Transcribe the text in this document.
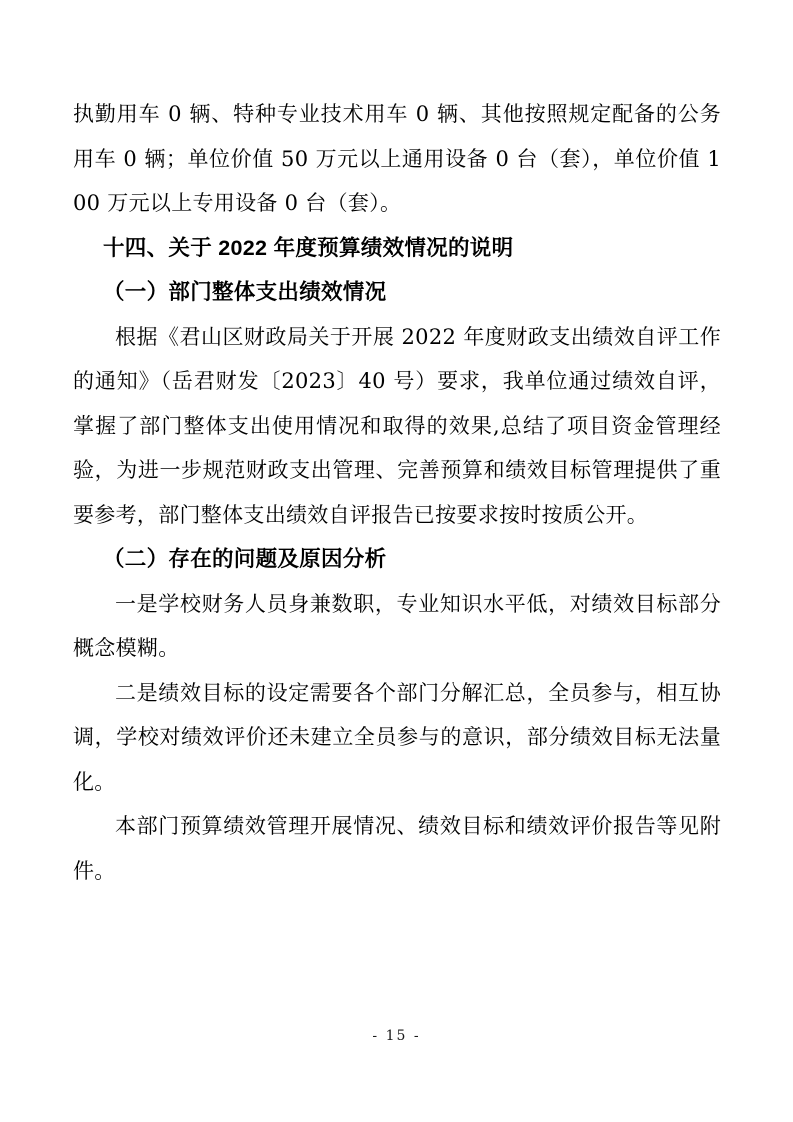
执勤用车 0 辆、特种专业技术用车 0 辆、其他按照规定配备的公务用车 0 辆；单位价值 50 万元以上通用设备 0 台（套），单位价值 100 万元以上专用设备 0 台（套）。

十四、关于 2022 年度预算绩效情况的说明

（一）部门整体支出绩效情况

根据《君山区财政局关于开展 2022 年度财政支出绩效自评工作的通知》（岳君财发〔2023〕40 号）要求，我单位通过绩效自评，掌握了部门整体支出使用情况和取得的效果,总结了项目资金管理经验，为进一步规范财政支出管理、完善预算和绩效目标管理提供了重要参考，部门整体支出绩效自评报告已按要求按时按质公开。

（二）存在的问题及原因分析

一是学校财务人员身兼数职，专业知识水平低，对绩效目标部分概念模糊。

二是绩效目标的设定需要各个部门分解汇总，全员参与，相互协调，学校对绩效评价还未建立全员参与的意识，部分绩效目标无法量化。

本部门预算绩效管理开展情况、绩效目标和绩效评价报告等见附件。

- 15 -
